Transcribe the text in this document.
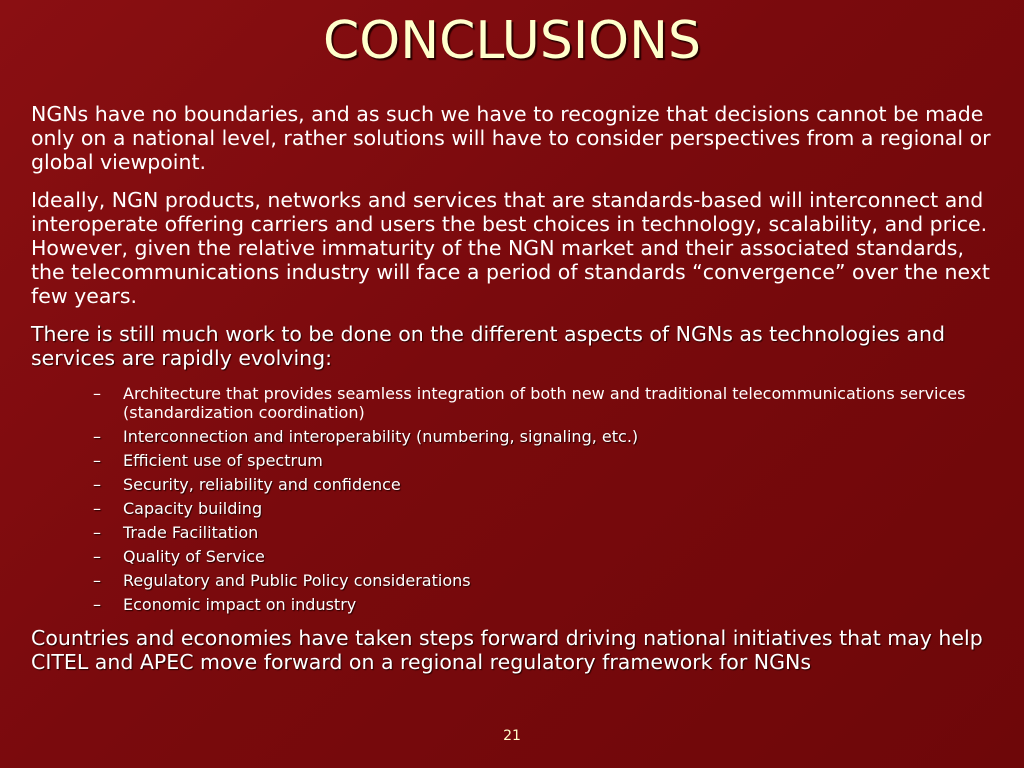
CONCLUSIONS

NGNs have no boundaries, and as such we have to recognize that decisions cannot be made only on a national level, rather solutions will have to consider perspectives from a regional or global viewpoint.

Ideally, NGN products, networks and services that are standards-based will interconnect and interoperate offering carriers and users the best choices in technology, scalability, and price. However, given the relative immaturity of the NGN market and their associated standards, the telecommunications industry will face a period of standards “convergence” over the next few years.

There is still much work to be done on the different aspects of NGNs as technologies and services are rapidly evolving:

– Architecture that provides seamless integration of both new and traditional telecommunications services (standardization coordination)
– Interconnection and interoperability (numbering, signaling, etc.)
– Efficient use of spectrum
– Security, reliability and confidence
– Capacity building
– Trade Facilitation
– Quality of Service
– Regulatory and Public Policy considerations
– Economic impact on industry

Countries and economies have taken steps forward driving national initiatives that may help CITEL and APEC move forward on a regional regulatory framework for NGNs

21
